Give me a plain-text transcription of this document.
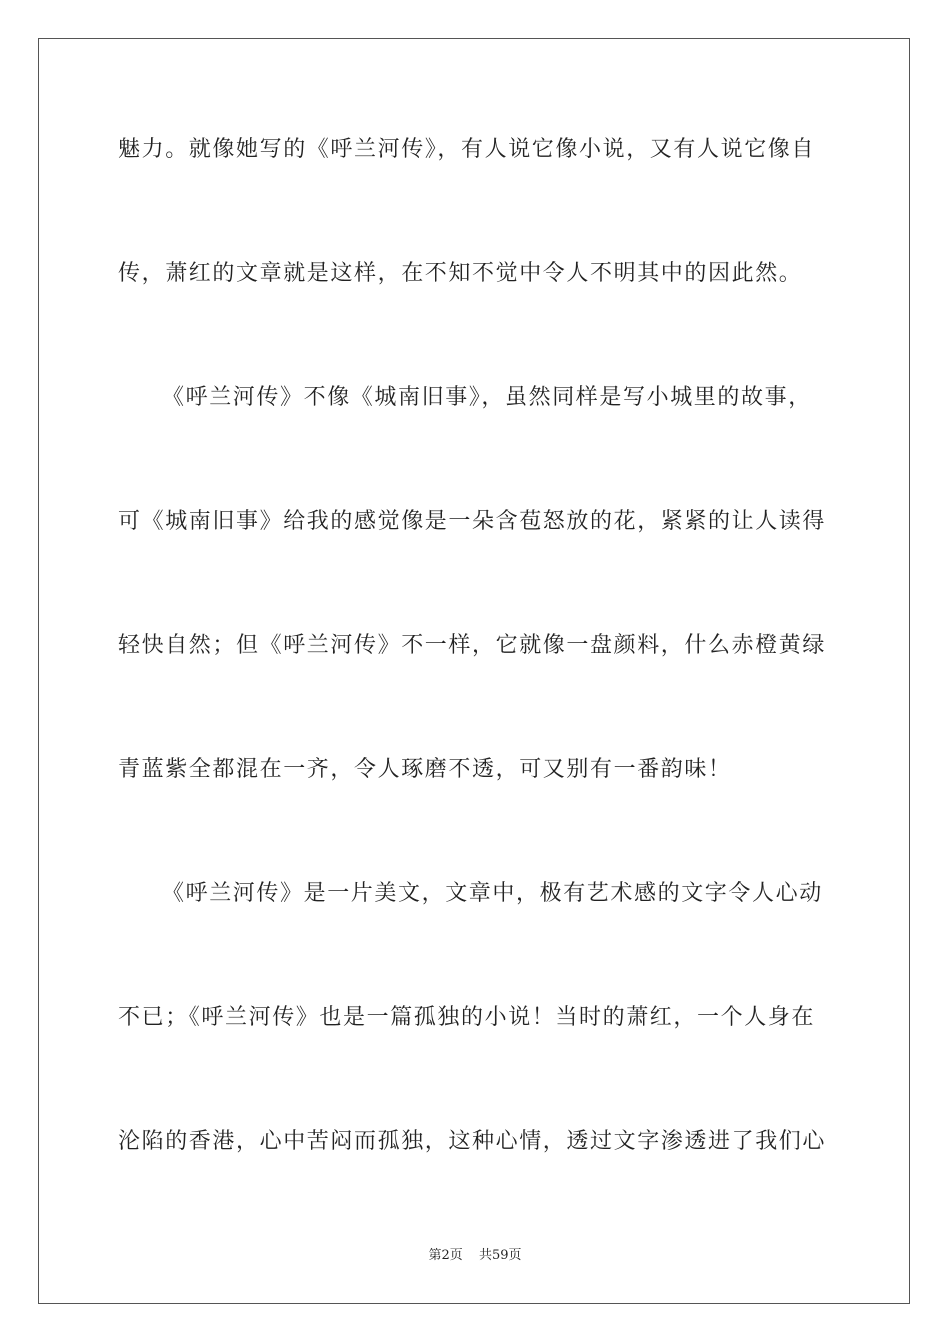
魅力。就像她写的《呼兰河传》，有人说它像小说，又有人说它像自
传，萧红的文章就是这样，在不知不觉中令人不明其中的因此然。
《呼兰河传》不像《城南旧事》，虽然同样是写小城里的故事，
可《城南旧事》给我的感觉像是一朵含苞怒放的花，紧紧的让人读得
轻快自然；但《呼兰河传》不一样，它就像一盘颜料，什么赤橙黄绿
青蓝紫全都混在一齐，令人琢磨不透，可又别有一番韵味！
《呼兰河传》是一片美文，文章中，极有艺术感的文字令人心动
不已；《呼兰河传》也是一篇孤独的小说！当时的萧红，一个人身在
沦陷的香港，心中苦闷而孤独，这种心情，透过文字渗透进了我们心
第2页 共59页
